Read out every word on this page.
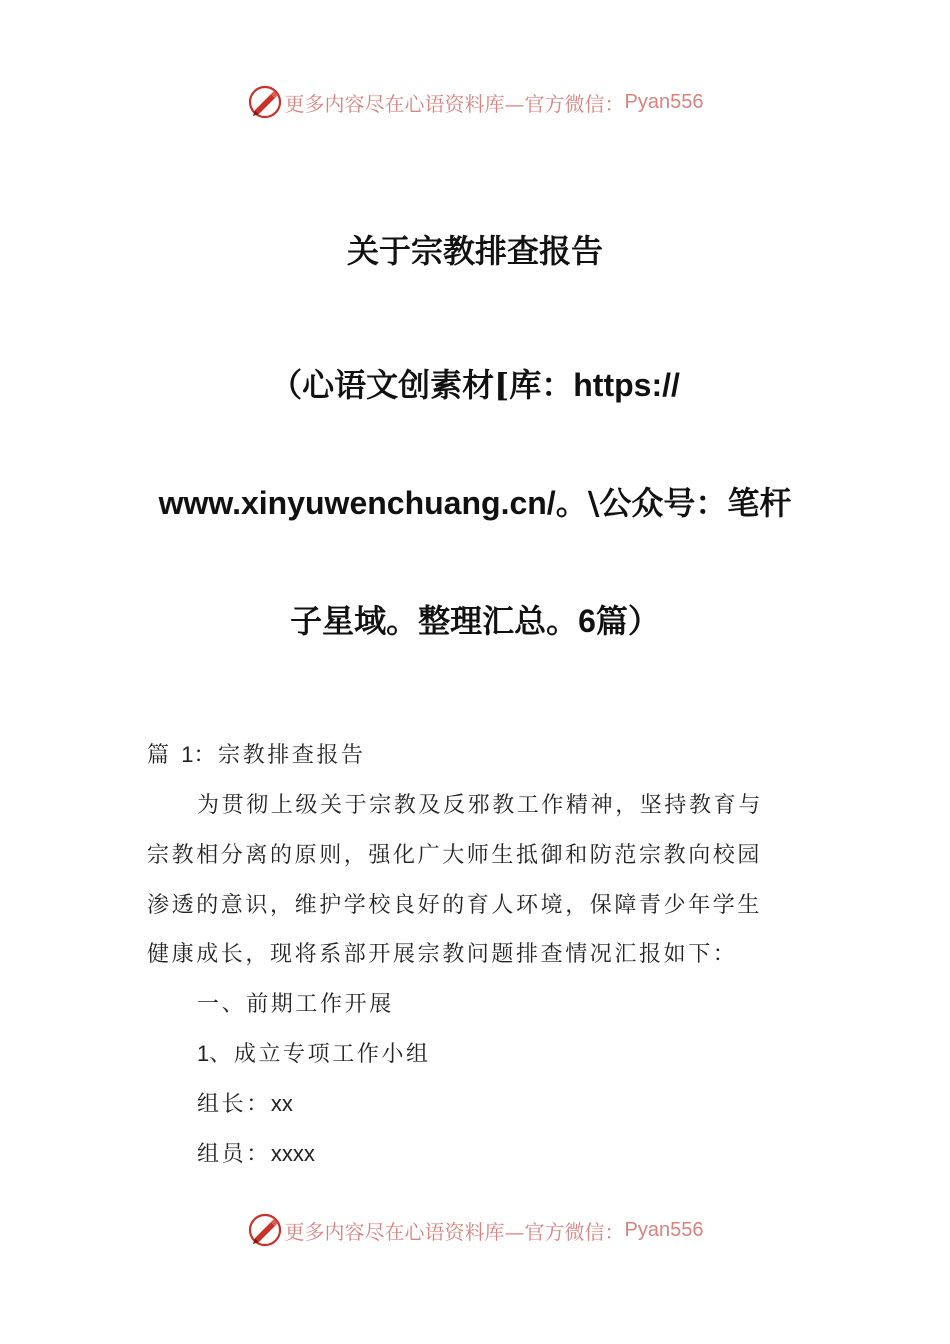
更多内容尽在心语资料库—官方微信： Pyan556
关于宗教排查报告
（心语文创素材[库：https://
www.xinyuwenchuang.cn/。\公众号：笔杆
子星域。整理汇总。6篇）
篇 1：宗教排查报告
为贯彻上级关于宗教及反邪教工作精神，坚持教育与
宗教相分离的原则，强化广大师生抵御和防范宗教向校园
渗透的意识，维护学校良好的育人环境，保障青少年学生
健康成长，现将系部开展宗教问题排查情况汇报如下：
一、前期工作开展
1、成立专项工作小组
组长：xx
组员：xxxx
更多内容尽在心语资料库—官方微信： Pyan556
